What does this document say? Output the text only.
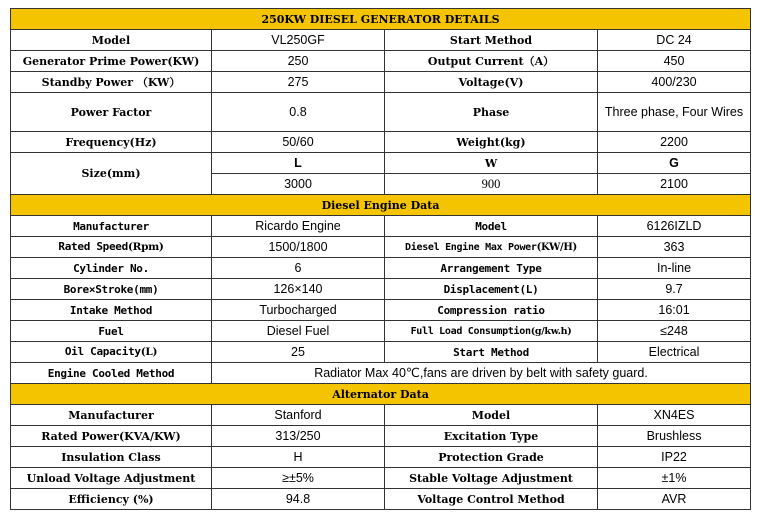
250KW DIESEL GENERATOR DETAILS			
Model	VL250GF	Start Method	DC 24
Generator Prime Power(KW)	250	Output Current（A）	450
Standby Power （KW）	275	Voltage(V)	400/230
Power Factor	0.8	Phase	Three phase, Four Wires
Frequency(Hz)	50/60	Weight(kg)	2200
Size(mm)	L	W	G
	3000	900	2100
Diesel Engine Data			
Manufacturer	Ricardo Engine	Model	6126IZLD
Rated Speed(Rpm)	1500/1800	Diesel Engine Max Power(KW/H)	363
Cylinder No.	6	Arrangement Type	In-line
Bore×Stroke(mm)	126×140	Displacement(L)	9.7
Intake Method	Turbocharged	Compression ratio	16:01
Fuel	Diesel Fuel	Full Load Consumption(g/kw.h)	≤248
Oil Capacity(L)	25	Start Method	Electrical
Engine Cooled Method	Radiator Max 40℃,fans are driven by belt with safety guard.		
Alternator Data			
Manufacturer	Stanford	Model	XN4ES
Rated Power(KVA/KW)	313/250	Excitation Type	Brushless
Insulation Class	H	Protection Grade	IP22
Unload Voltage Adjustment	≥±5%	Stable Voltage Adjustment	±1%
Efficiency (%)	94.8	Voltage Control Method	AVR
